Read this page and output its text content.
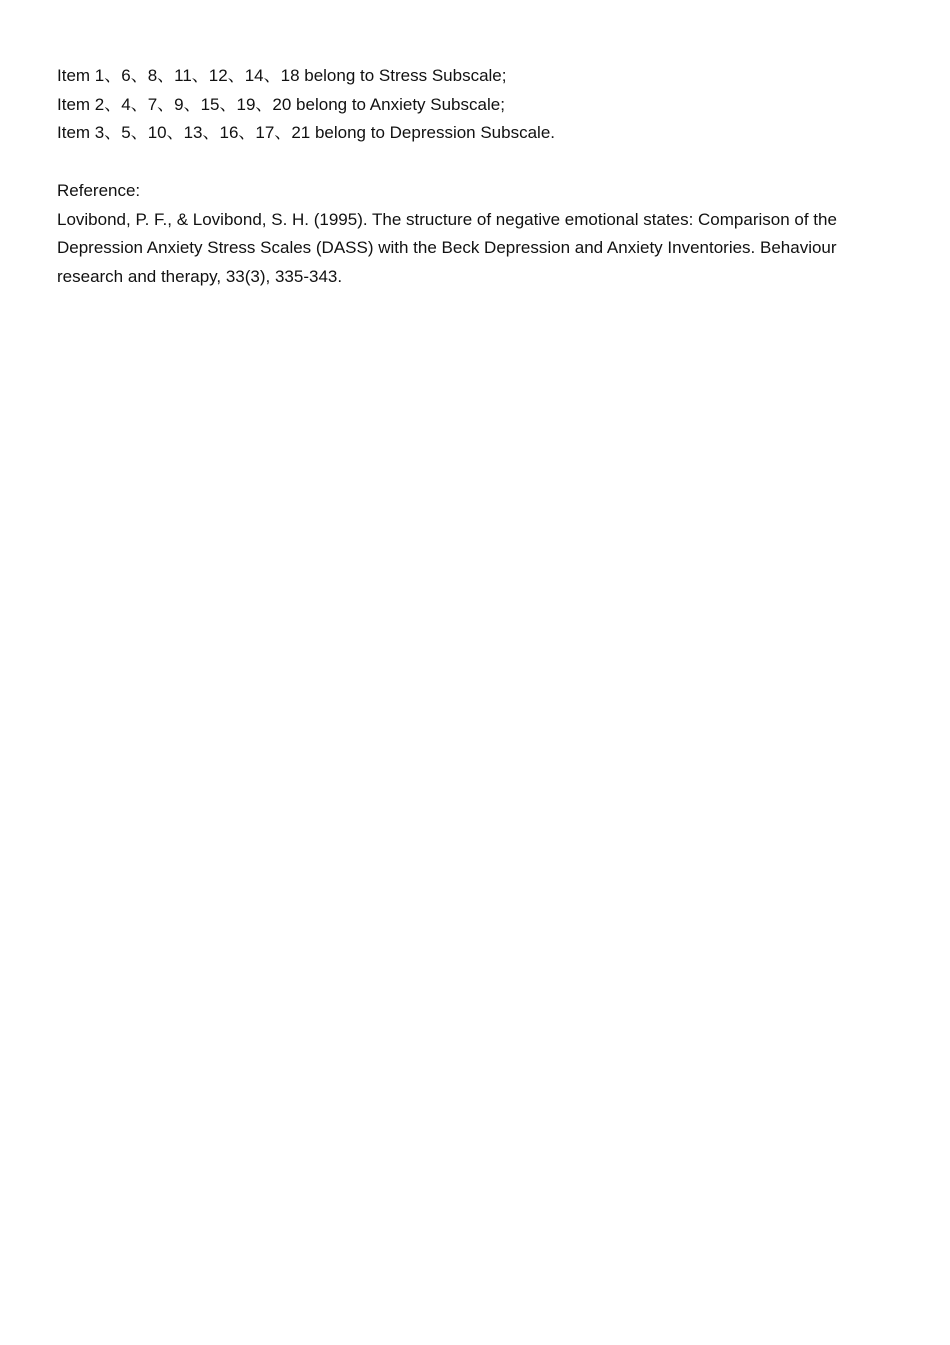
Item 1、6、8、11、12、14、18 belong to Stress Subscale;

Item 2、4、7、9、15、19、20 belong to Anxiety Subscale;

Item 3、5、10、13、16、17、21 belong to Depression Subscale.

Reference:

Lovibond, P. F., & Lovibond, S. H. (1995). The structure of negative emotional states: Comparison of the Depression Anxiety Stress Scales (DASS) with the Beck Depression and Anxiety Inventories. Behaviour research and therapy, 33(3), 335-343.
